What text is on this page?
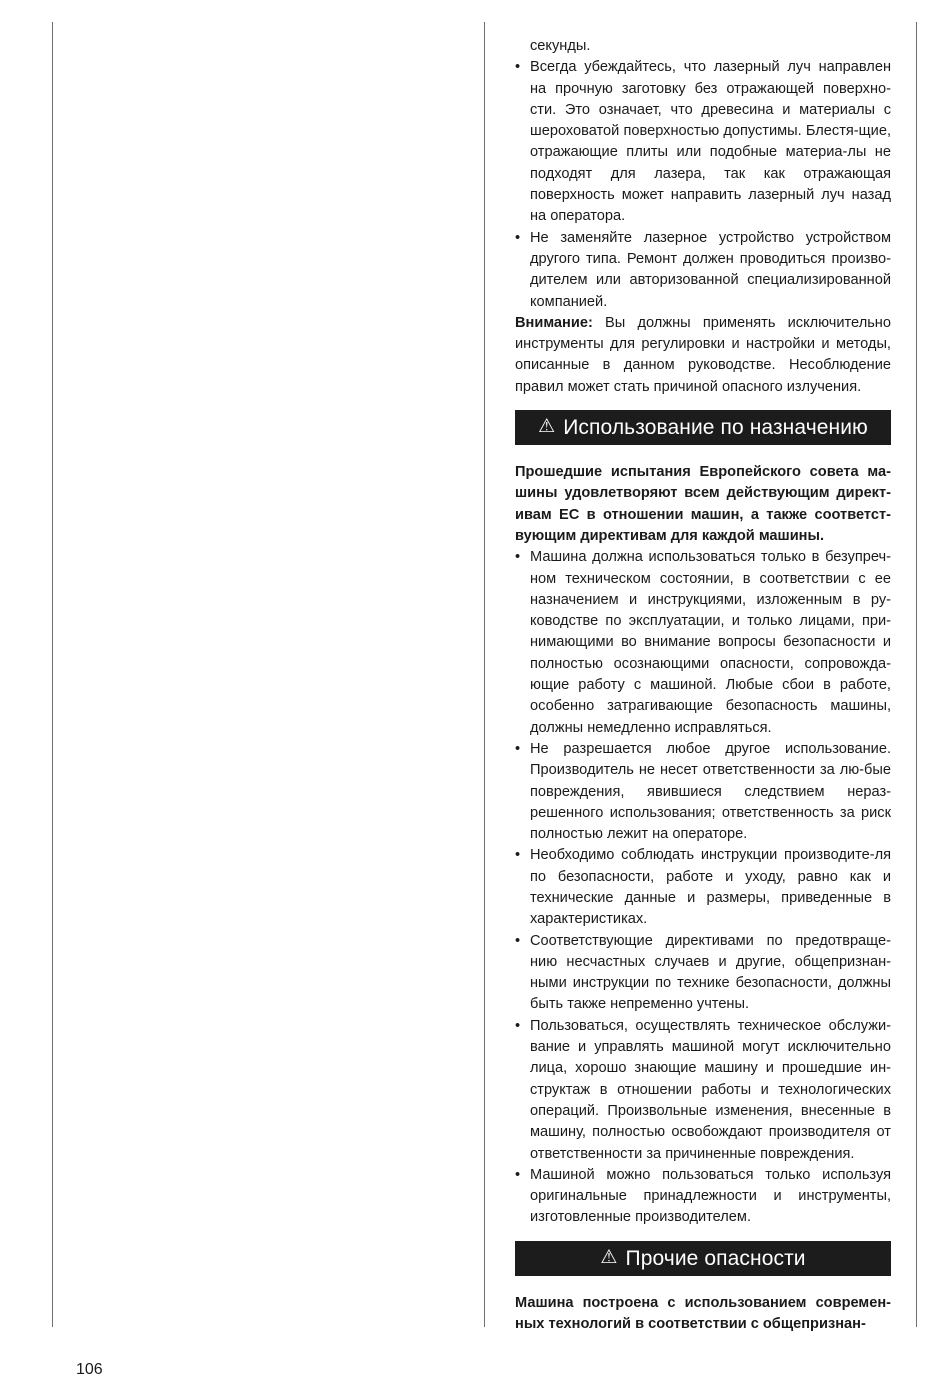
секунды.

• Всегда убеждайтесь, что лазерный луч направлен на прочную заготовку без отражающей поверхно-сти. Это означает, что древесина и материалы с шероховатой поверхностью допустимы. Блестя-щие, отражающие плиты или подобные материа-лы не подходят для лазера, так как отражающая поверхность может направить лазерный луч назад на оператора.
• Не заменяйте лазерное устройство устройством другого типа. Ремонт должен проводиться произво-дителем или авторизованной специализированной компанией.

Внимание: Вы должны применять исключительно инструменты для регулировки и настройки и методы, описанные в данном руководстве. Несоблюдение правил может стать причиной опасного излучения.

⚠ Использование по назначению

Прошедшие испытания Европейского совета ма-шины удовлетворяют всем действующим директ-ивам ЕС в отношении машин, а также соответст-вующим директивам для каждой машины.

• Машина должна использоваться только в безупреч-ном техническом состоянии, в соответствии с ее назначением и инструкциями, изложенным в ру-ководстве по эксплуатации, и только лицами, при-нимающими во внимание вопросы безопасности и полностью осознающими опасности, сопровожда-ющие работу с машиной. Любые сбои в работе, особенно затрагивающие безопасность машины, должны немедленно исправляться.
• Не разрешается любое другое использование. Производитель не несет ответственности за лю-бые повреждения, явившиеся следствием нераз-решенного использования; ответственность за риск полностью лежит на операторе.
• Необходимо соблюдать инструкции производите-ля по безопасности, работе и уходу, равно как и технические данные и размеры, приведенные в характеристиках.
• Соответствующие директивами по предотвраще-нию несчастных случаев и другие, общепризнан-ными инструкции по технике безопасности, должны быть также непременно учтены.
• Пользоваться, осуществлять техническое обслужи-вание и управлять машиной могут исключительно лица, хорошо знающие машину и прошедшие ин-структаж в отношении работы и технологических операций. Произвольные изменения, внесенные в машину, полностью освобождают производителя от ответственности за причиненные повреждения.
• Машиной можно пользоваться только используя оригинальные принадлежности и инструменты, изготовленные производителем.
⚠ Прочие опасности

Машина построена с использованием современ-ных технологий в соответствии с общепризнан-

106
